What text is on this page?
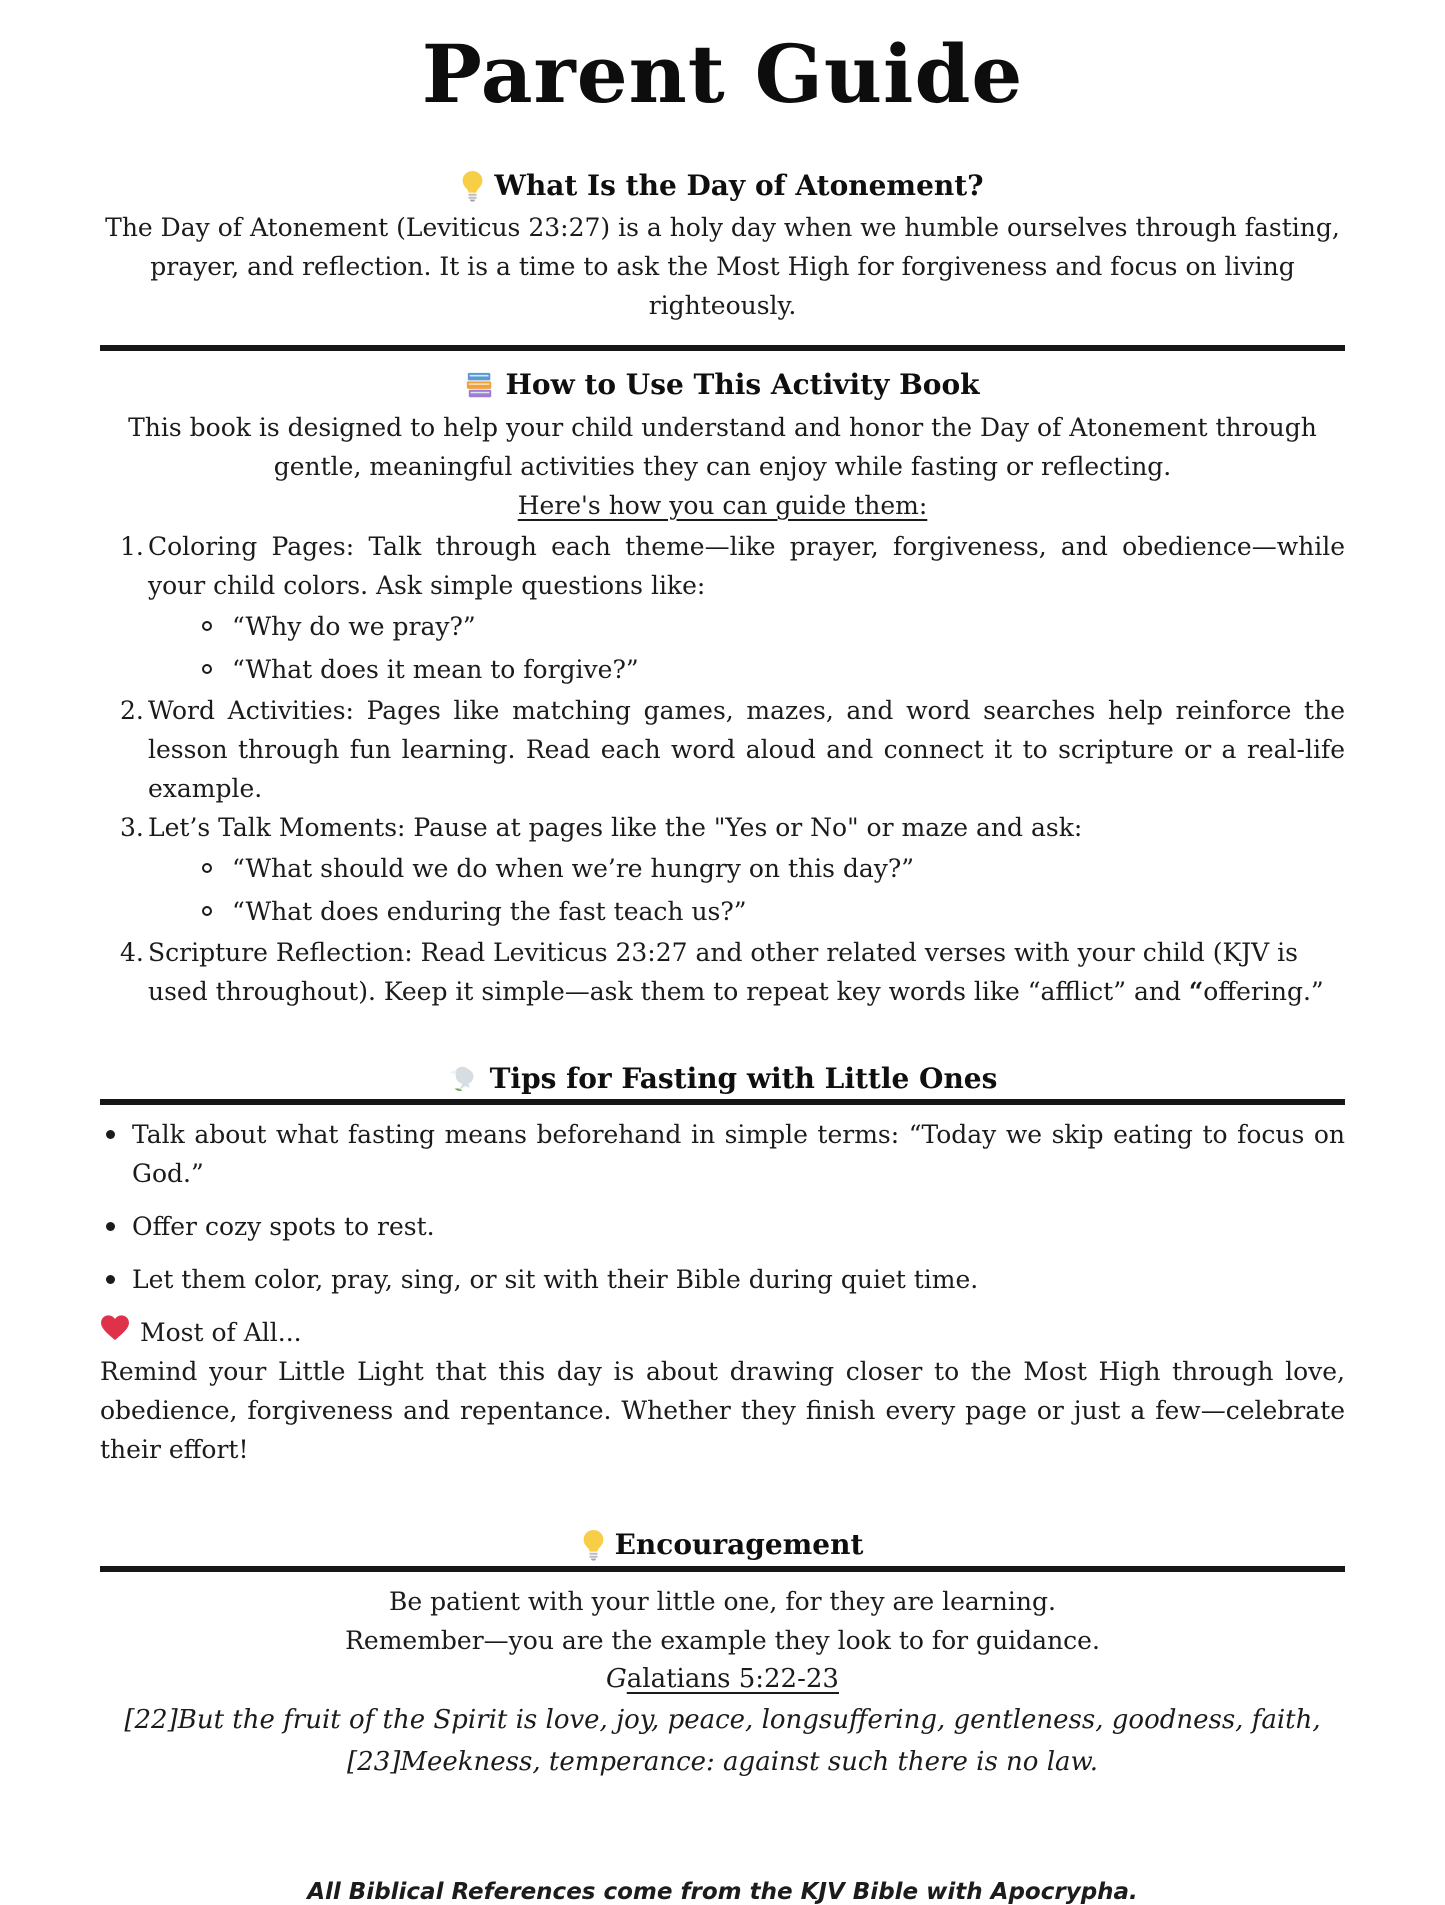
Parent Guide
What Is the Day of Atonement?

The Day of Atonement (Leviticus 23:27) is a holy day when we humble ourselves through fasting, prayer, and reflection. It is a time to ask the Most High for forgiveness and focus on living righteously.

How to Use This Activity Book

This book is designed to help your child understand and honor the Day of Atonement through gentle, meaningful activities they can enjoy while fasting or reflecting.

Here's how you can guide them:

1. Coloring Pages: Talk through each theme—like prayer, forgiveness, and obedience—while your child colors. Ask simple questions like:
“Why do we pray?”
“What does it mean to forgive?”
2. Word Activities: Pages like matching games, mazes, and word searches help reinforce the lesson through fun learning. Read each word aloud and connect it to scripture or a real-life example.
3. Let’s Talk Moments: Pause at pages like the "Yes or No" or maze and ask:
“What should we do when we’re hungry on this day?”
“What does enduring the fast teach us?”
4. Scripture Reflection: Read Leviticus 23:27 and other related verses with your child (KJV is used throughout). Keep it simple—ask them to repeat key words like “afflict” and “offering.”
Tips for Fasting with Little Ones
Talk about what fasting means beforehand in simple terms: “Today we skip eating to focus on God.”
Offer cozy spots to rest.
Let them color, pray, sing, or sit with their Bible during quiet time.
Most of All...

Remind your Little Light that this day is about drawing closer to the Most High through love, obedience, forgiveness and repentance. Whether they finish every page or just a few—celebrate their effort!

Encouragement

Be patient with your little one, for they are learning.

Remember—you are the example they look to for guidance.

Galatians 5:22-23

[22]But the fruit of the Spirit is love, joy, peace, longsuffering, gentleness, goodness, faith,

[23]Meekness, temperance: against such there is no law.

All Biblical References come from the KJV Bible with Apocrypha.
